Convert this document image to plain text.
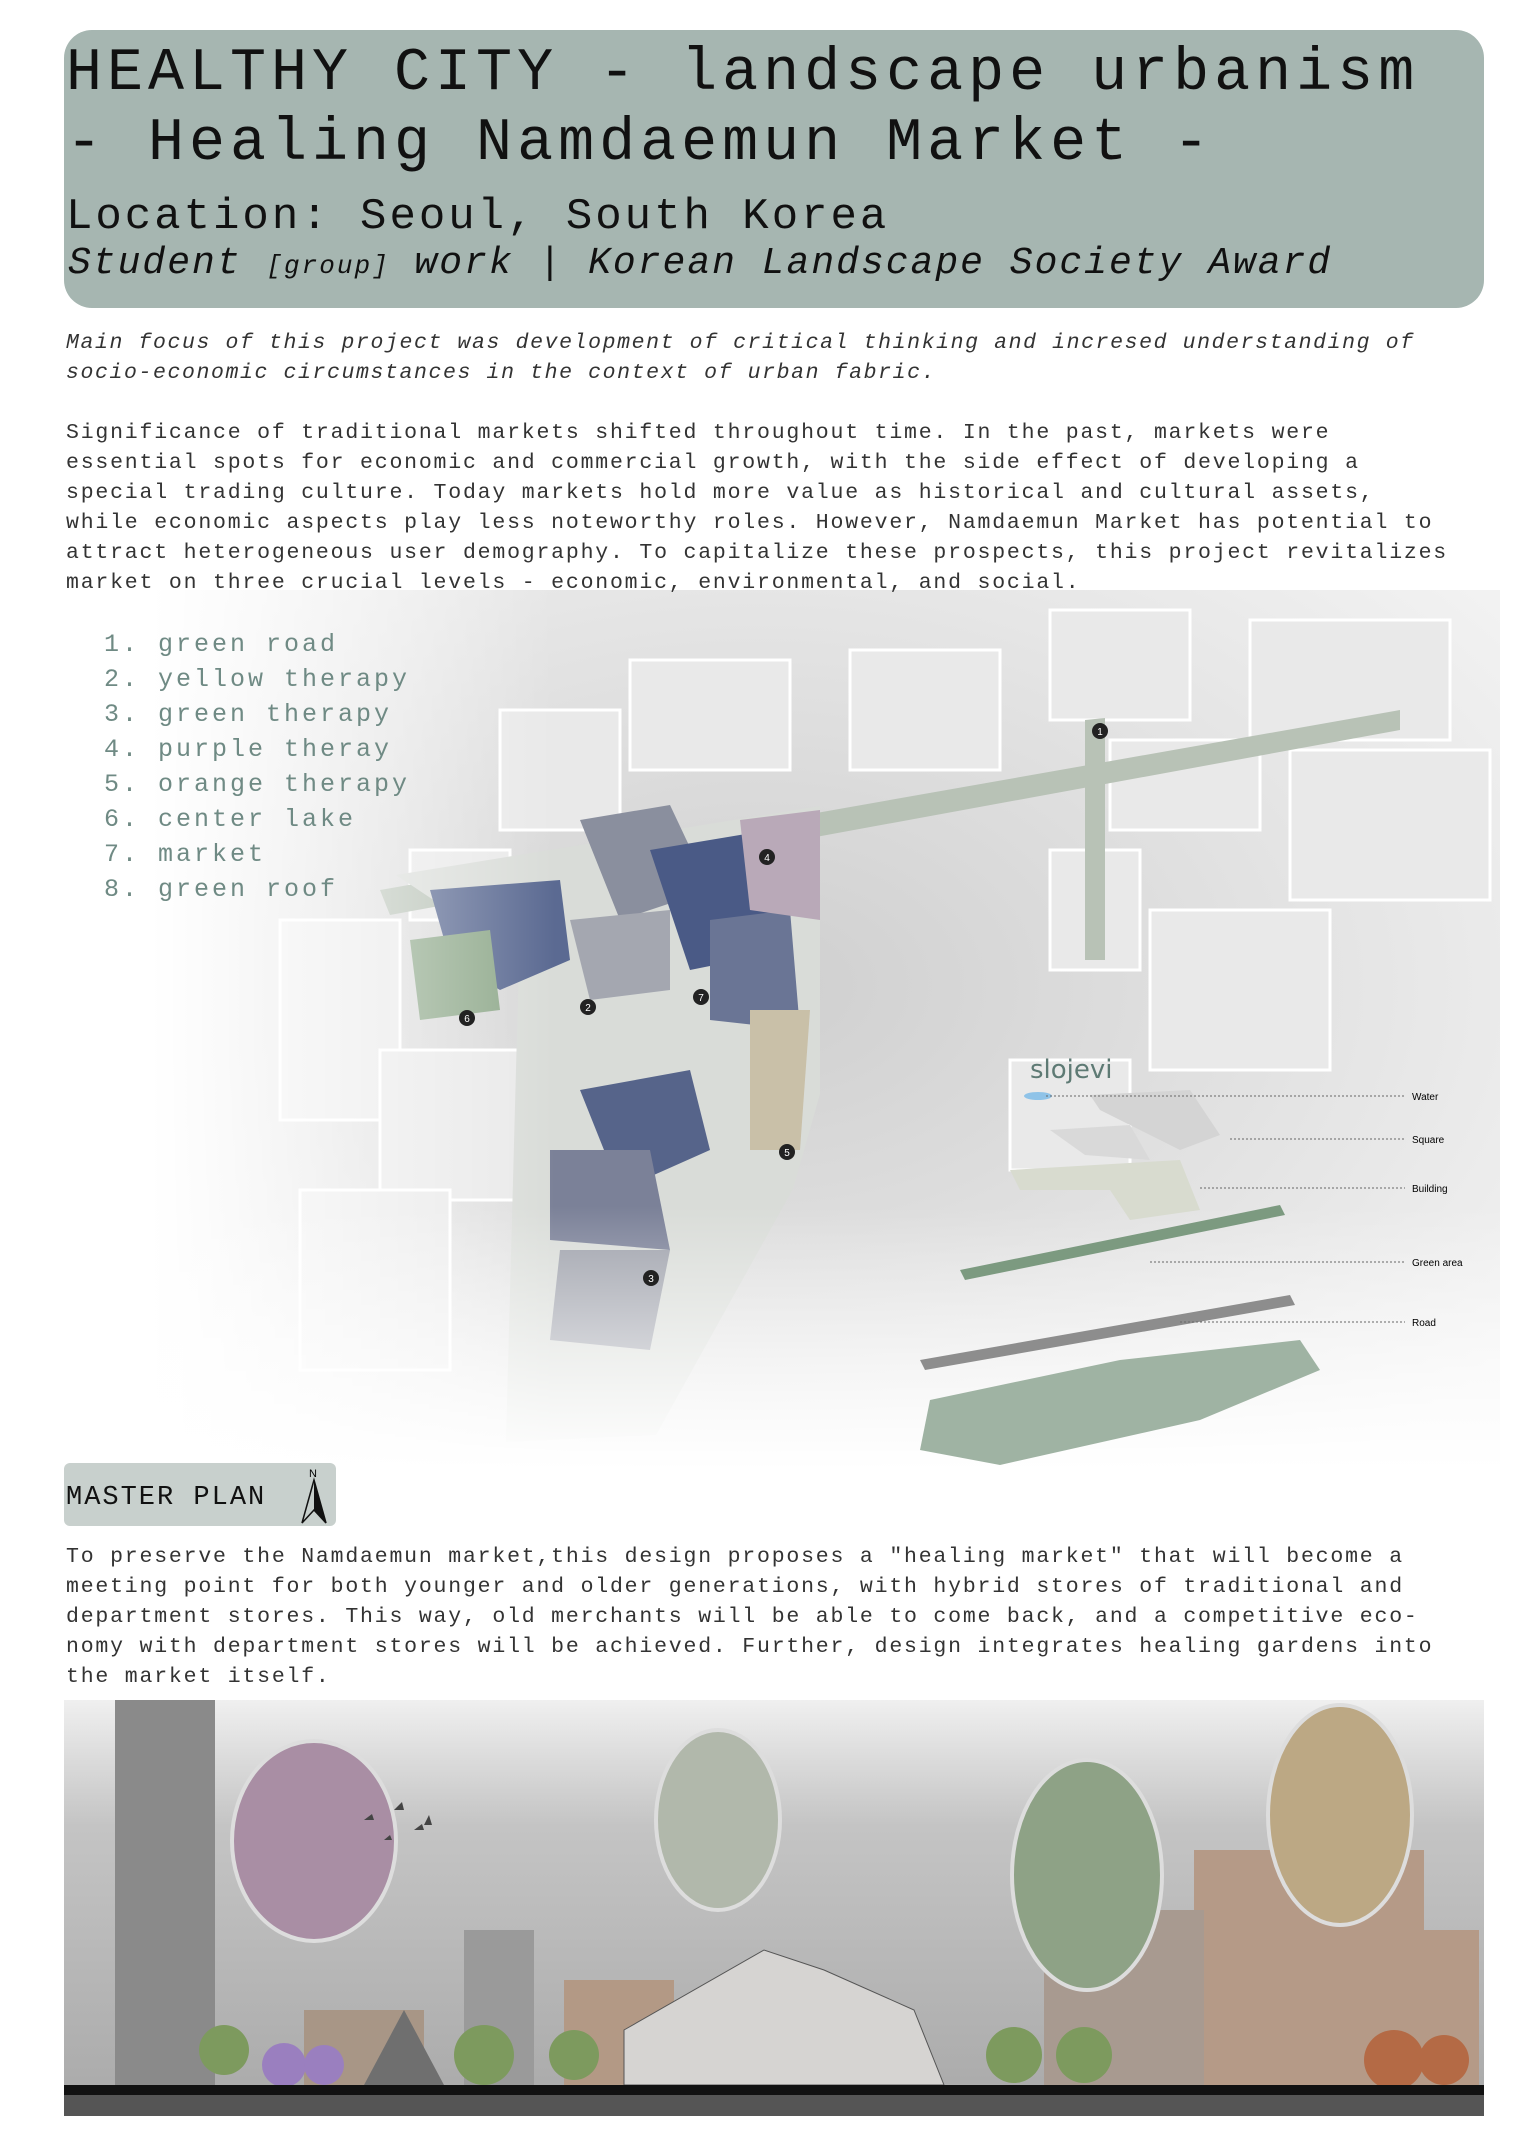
HEALTHY CITY - landscape urbanism
- Healing Namdaemun Market -
Location: Seoul, South Korea
Student [group] work | Korean Landscape Society Award
Main focus of this project was development of critical thinking and incresed understanding of socio-economic circumstances in the context of urban fabric.
Significance of traditional markets shifted throughout time. In the past, markets were
essential spots for economic and commercial growth, with the side effect of developing a
special trading culture. Today markets hold more value as historical and cultural assets,
while economic aspects play less noteworthy roles. However, Namdaemun Market has potential to
attract heterogeneous user demography. To capitalize these prospects, this project revitalizes
market on three crucial levels - economic, environmental, and social.
1
2
3
4
5
6
7
1. green road
2. yellow therapy
3. green therapy
4. purple theray
5. orange therapy
6. center lake
7. market
8. green roof
slojevi
Water
Square
Building
Green area
Road
MASTER PLAN
N
To preserve the Namdaemun market,this design proposes a "healing market" that will become a
meeting point for both younger and older generations, with hybrid stores of traditional and
department stores. This way, old merchants will be able to come back, and a competitive eco-
nomy with department stores will be achieved. Further, design integrates healing gardens into
the market itself.
